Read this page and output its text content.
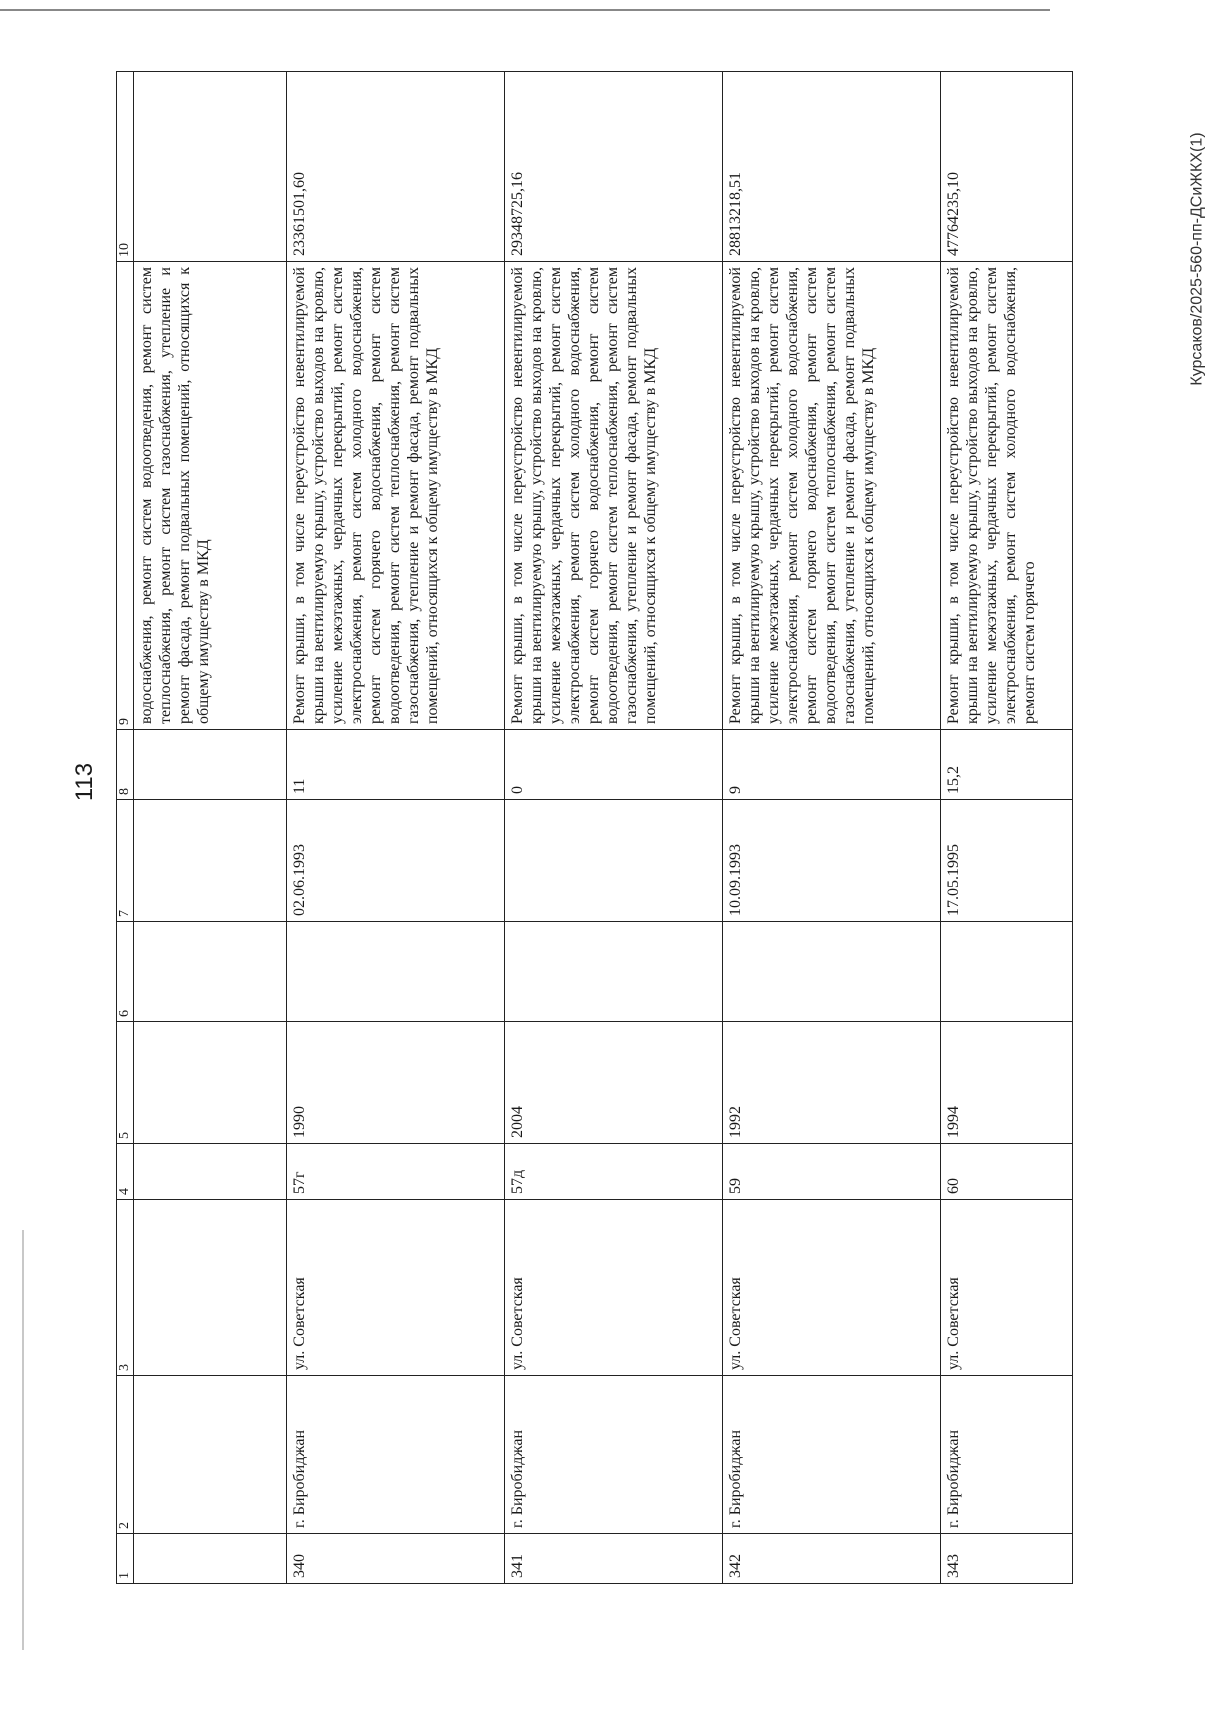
113
Курсаков/2025-560-пп-ДСиЖКХ(1)
1	2	3	4	5	6	7	8	9	10
								водоснабжения, ремонт систем водоотведения, ремонт систем теплоснабжения, ремонт систем газоснабжения, утепление и ремонт фасада, ремонт подвальных помещений, относящихся к общему имуществу в МКД	
340	г. Биробиджан	ул. Советская	57г	1990		02.06.1993	11	Ремонт крыши, в том числе переустройство невентилируемой крыши на вентилируемую крышу, устройство выходов на кровлю, усиление межэтажных, чердачных перекрытий, ремонт систем электроснабжения, ремонт систем холодного водоснабжения, ремонт систем горячего водоснабжения, ремонт систем водоотведения, ремонт систем теплоснабжения, ремонт систем газоснабжения, утепление и ремонт фасада, ремонт подвальных помещений, относящихся к общему имуществу в МКД	23361501,60
341	г. Биробиджан	ул. Советская	57д	2004			0	Ремонт крыши, в том числе переустройство невентилируемой крыши на вентилируемую крышу, устройство выходов на кровлю, усиление межэтажных, чердачных перекрытий, ремонт систем электроснабжения, ремонт систем холодного водоснабжения, ремонт систем горячего водоснабжения, ремонт систем водоотведения, ремонт систем теплоснабжения, ремонт систем газоснабжения, утепление и ремонт фасада, ремонт подвальных помещений, относящихся к общему имуществу в МКД	29348725,16
342	г. Биробиджан	ул. Советская	59	1992		10.09.1993	9	Ремонт крыши, в том числе переустройство невентилируемой крыши на вентилируемую крышу, устройство выходов на кровлю, усиление межэтажных, чердачных перекрытий, ремонт систем электроснабжения, ремонт систем холодного водоснабжения, ремонт систем горячего водоснабжения, ремонт систем водоотведения, ремонт систем теплоснабжения, ремонт систем газоснабжения, утепление и ремонт фасада, ремонт подвальных помещений, относящихся к общему имуществу в МКД	28813218,51
343	г. Биробиджан	ул. Советская	60	1994		17.05.1995	15,2	Ремонт крыши, в том числе переустройство невентилируемой крыши на вентилируемую крышу, устройство выходов на кровлю, усиление межэтажных, чердачных перекрытий, ремонт систем электроснабжения, ремонт систем холодного водоснабжения, ремонт систем горячего	47764235,10
